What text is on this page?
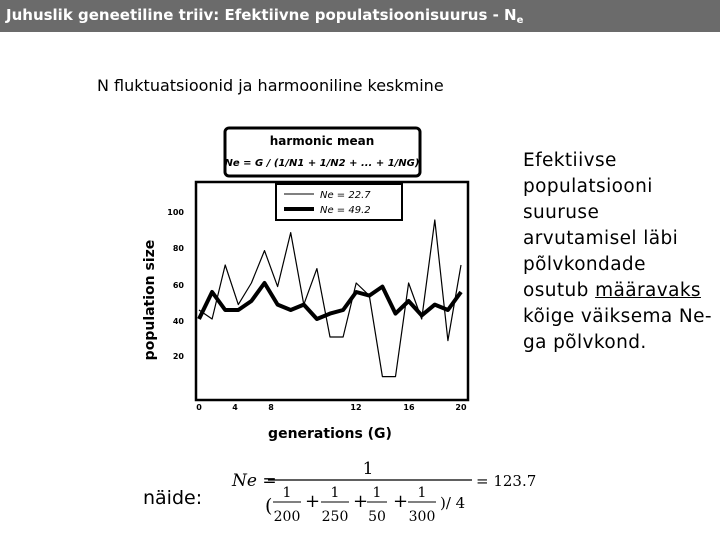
Juhuslik geneetiline triiv: Efektiivne populatsioonisuurus - $N_e$
N fluktuatsioonid ja harmooniline keskmine
harmonic mean
Ne = G / (1/N1 + 1/N2 + ... + 1/NG)
Ne = 22.7
Ne = 49.2
100
80
60
40
20
population size
0	4	8	12	16	20
generations (G)
Ne =
1
(
1
200
+ 1
250
+ 1
50
+ 1
300
)/ 4
= 123.7
Efektiivse populatsiooni suuruse arvutamisel läbi põlvkondade osutub määravaks kõige väiksema Ne-ga põlvkond.
näide:
